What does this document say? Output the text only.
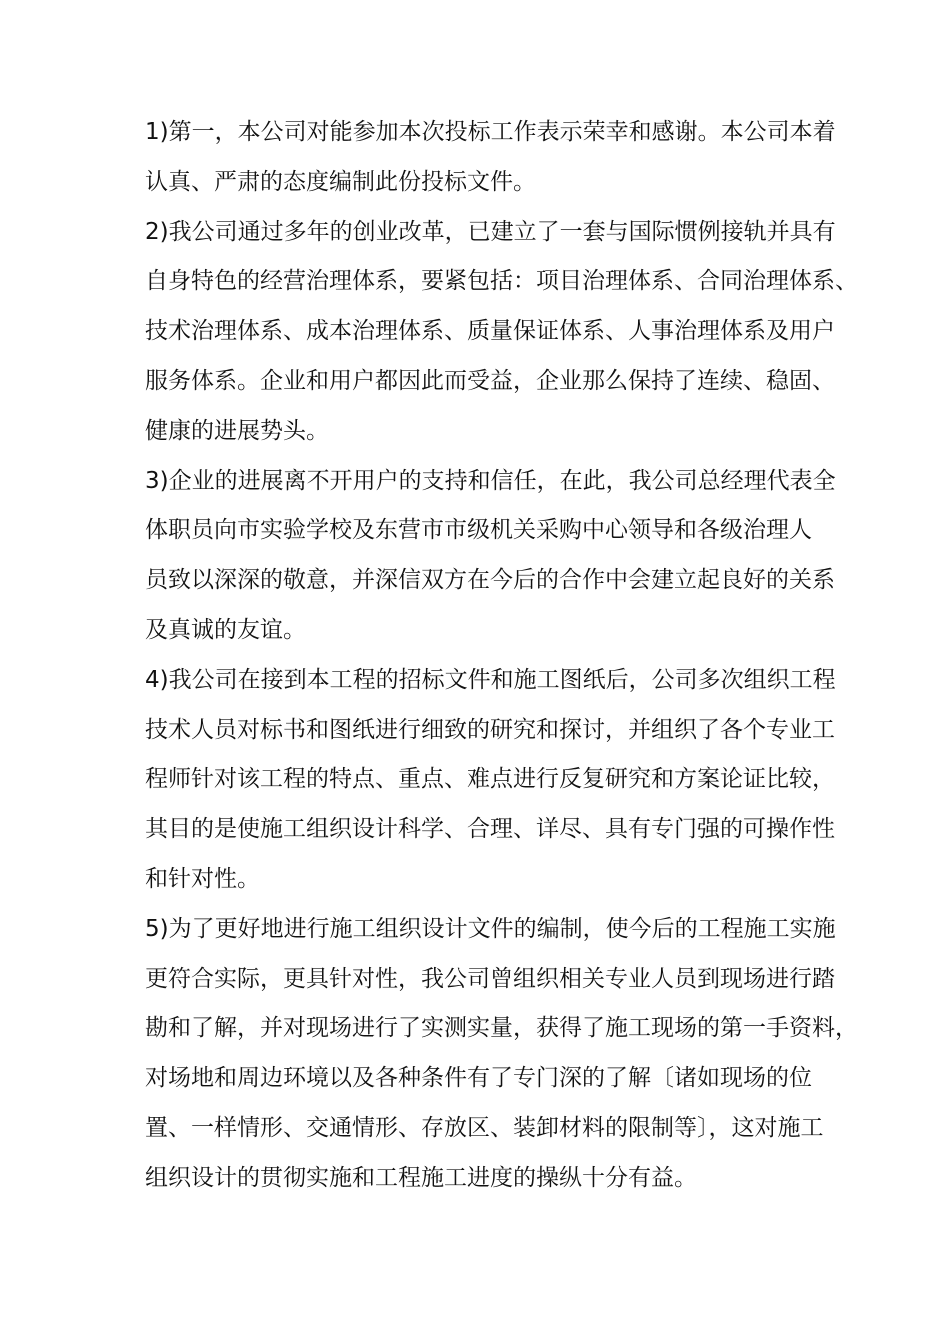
1)第一，本公司对能参加本次投标工作表示荣幸和感谢。本公司本着
认真、严肃的态度编制此份投标文件。
2)我公司通过多年的创业改革，已建立了一套与国际惯例接轨并具有
自身特色的经营治理体系，要紧包括：项目治理体系、合同治理体系、
技术治理体系、成本治理体系、质量保证体系、人事治理体系及用户
服务体系。企业和用户都因此而受益，企业那么保持了连续、稳固、
健康的进展势头。
3)企业的进展离不开用户的支持和信任，在此，我公司总经理代表全
体职员向市实验学校及东营市市级机关采购中心领导和各级治理人
员致以深深的敬意，并深信双方在今后的合作中会建立起良好的关系
及真诚的友谊。
4)我公司在接到本工程的招标文件和施工图纸后，公司多次组织工程
技术人员对标书和图纸进行细致的研究和探讨，并组织了各个专业工
程师针对该工程的特点、重点、难点进行反复研究和方案论证比较，
其目的是使施工组织设计科学、合理、详尽、具有专门强的可操作性
和针对性。
5)为了更好地进行施工组织设计文件的编制，使今后的工程施工实施
更符合实际，更具针对性，我公司曾组织相关专业人员到现场进行踏
勘和了解，并对现场进行了实测实量，获得了施工现场的第一手资料，
对场地和周边环境以及各种条件有了专门深的了解〔诸如现场的位
置、一样情形、交通情形、存放区、装卸材料的限制等〕，这对施工
组织设计的贯彻实施和工程施工进度的操纵十分有益。
